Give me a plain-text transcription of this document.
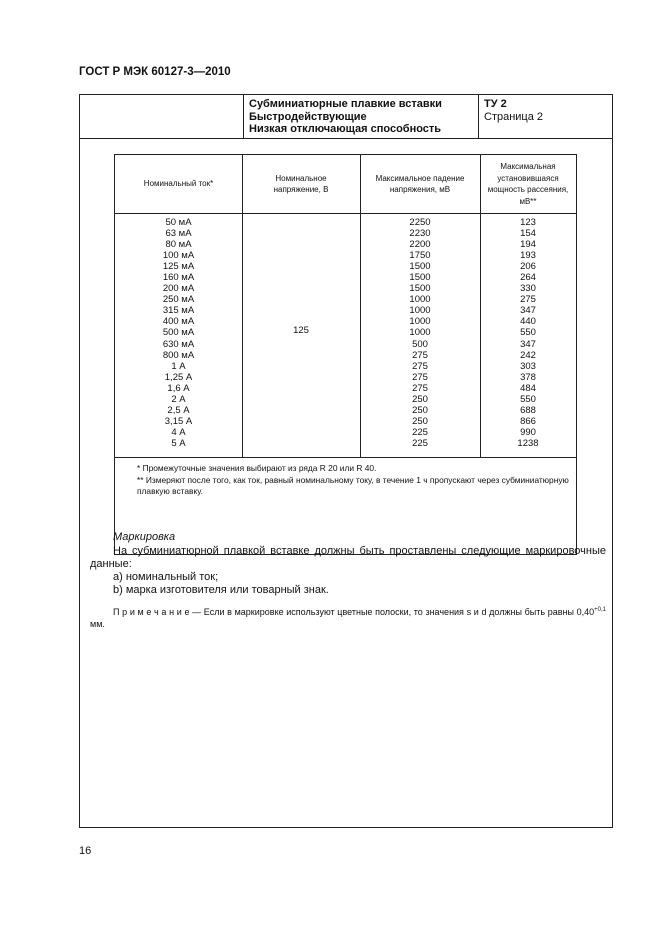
ГОСТ Р МЭК 60127-3—2010
Субминиатюрные плавкие вставки
Быстродействующие
Низкая отключающая способность
ТУ 2
Страница 2
Номинальный ток*
Номинальное напряжение, В
Максимальное падение напряжения, мВ
Максимальная установившаяся мощность рассеяния, мВ**
50 мА
63 мА
80 мА
100 мА
125 мА
160 мА
200 мА
250 мА
315 мА
400 мА
500 мА
630 мА
800 мА
1 А
1,25 А
1,6 А
2 А
2,5 А
3,15 А
4 А
5 А
125
2250
2230
2200
1750
1500
1500
1500
1000
1000
1000
1000
500
275
275
275
275
250
250
250
225
225
123
154
194
193
206
264
330
275
347
440
550
347
242
303
378
484
550
688
866
990
1238

* Промежуточные значения выбирают из ряда R 20 или R 40.

** Измеряют после того, как ток, равный номинальному току, в течение 1 ч пропускают через субминиатюрную плавкую вставку.

Маркировка
На субминиатюрной плавкой вставке должны быть проставлены следующие маркировочные данные:
a) номинальный ток;
b) марка изготовителя или товарный знак.
П р и м е ч а н и е — Если в маркировке используют цветные полоски, то значения s и d должны быть равны $0,40^{+0,1}$ мм.
16
